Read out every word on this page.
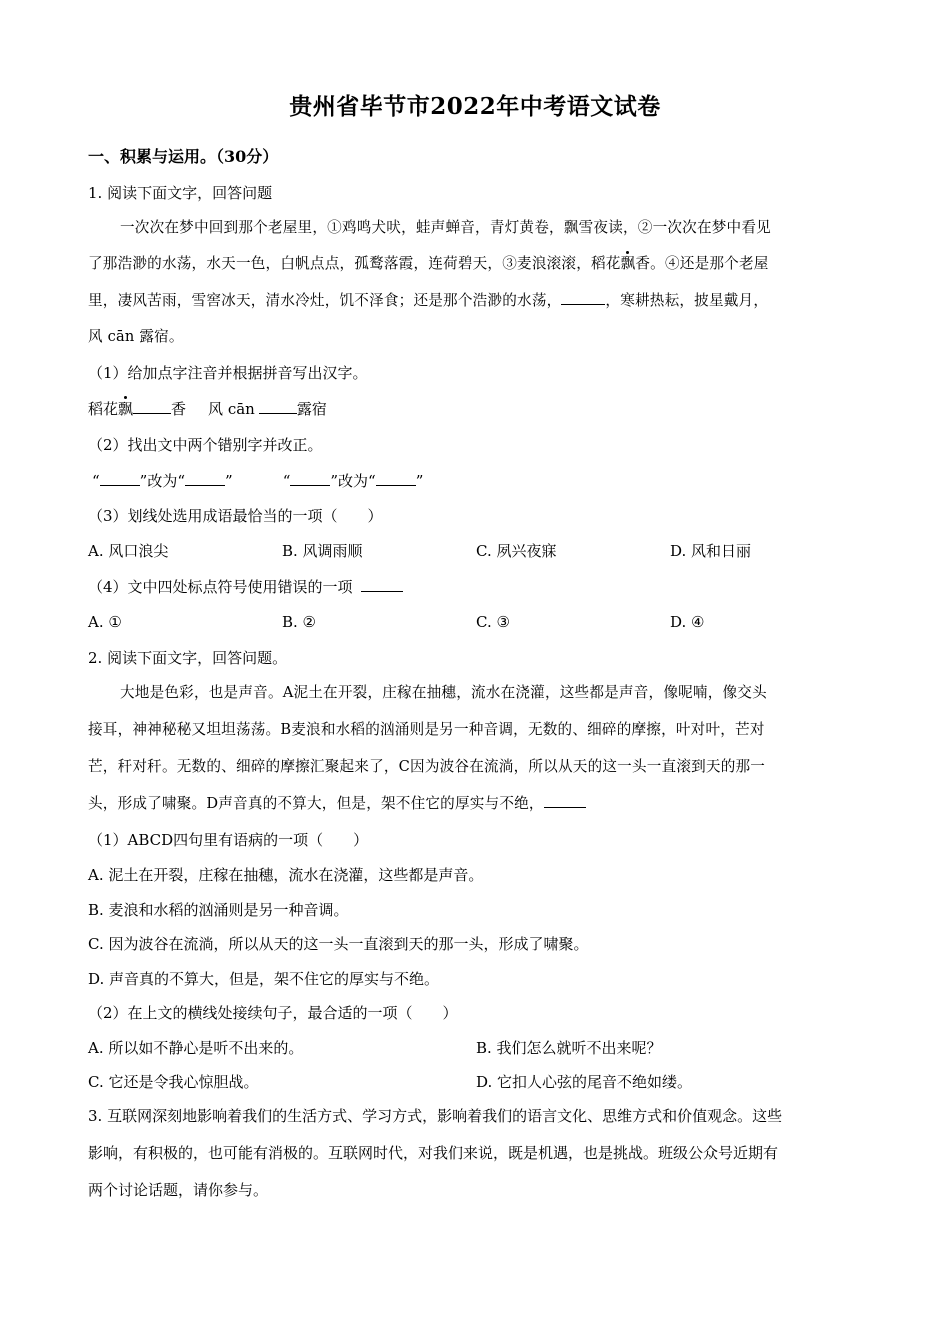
贵州省毕节市2022年中考语文试卷
一、积累与运用。（30分）
1. 阅读下面文字，回答问题
一次次在梦中回到那个老屋里，①鸡鸣犬吠，蛙声蝉音，青灯黄卷，飘雪夜读，②一次次在梦中看见
了那浩渺的水荡，水天一色，白帆点点，孤鹜落霞，连荷碧天，③麦浪滚滚，稻花飘香。④还是那个老屋
里，凄风苦雨，雪窖冰天，清水冷灶，饥不泽食；还是那个浩渺的水荡，	，寒耕热耘，披星戴月，
风 cān 露宿。
（1）给加点字注音并根据拼音写出汉字。
稻花飘	香 风 cān	露宿
（2）找出文中两个错别字并改正。
“	”改为“	”	“	”改为“	”
（3）划线处选用成语最恰当的一项（　　）
A. 风口浪尖	B. 风调雨顺	C. 夙兴夜寐	D. 风和日丽
（4）文中四处标点符号使用错误的一项
A. ①	B. ②	C. ③	D. ④
2. 阅读下面文字，回答问题。
大地是色彩，也是声音。A泥土在开裂，庄稼在抽穗，流水在浇灌，这些都是声音，像呢喃，像交头
接耳，神神秘秘又坦坦荡荡。B麦浪和水稻的汹涌则是另一种音调，无数的、细碎的摩擦，叶对叶，芒对
芒，秆对秆。无数的、细碎的摩擦汇聚起来了，C因为波谷在流淌，所以从天的这一头一直滚到天的那一
头，形成了啸聚。D声音真的不算大，但是，架不住它的厚实与不绝，
（1）ABCD四句里有语病的一项（　　）
A. 泥土在开裂，庄稼在抽穗，流水在浇灌，这些都是声音。
B. 麦浪和水稻的汹涌则是另一种音调。
C. 因为波谷在流淌，所以从天的这一头一直滚到天的那一头，形成了啸聚。
D. 声音真的不算大，但是，架不住它的厚实与不绝。
（2）在上文的横线处接续句子，最合适的一项（　　）
A. 所以如不静心是听不出来的。	B. 我们怎么就听不出来呢？
C. 它还是令我心惊胆战。	D. 它扣人心弦的尾音不绝如缕。
3. 互联网深刻地影响着我们的生活方式、学习方式，影响着我们的语言文化、思维方式和价值观念。这些
影响，有积极的，也可能有消极的。互联网时代，对我们来说，既是机遇，也是挑战。班级公众号近期有
两个讨论话题，请你参与。
